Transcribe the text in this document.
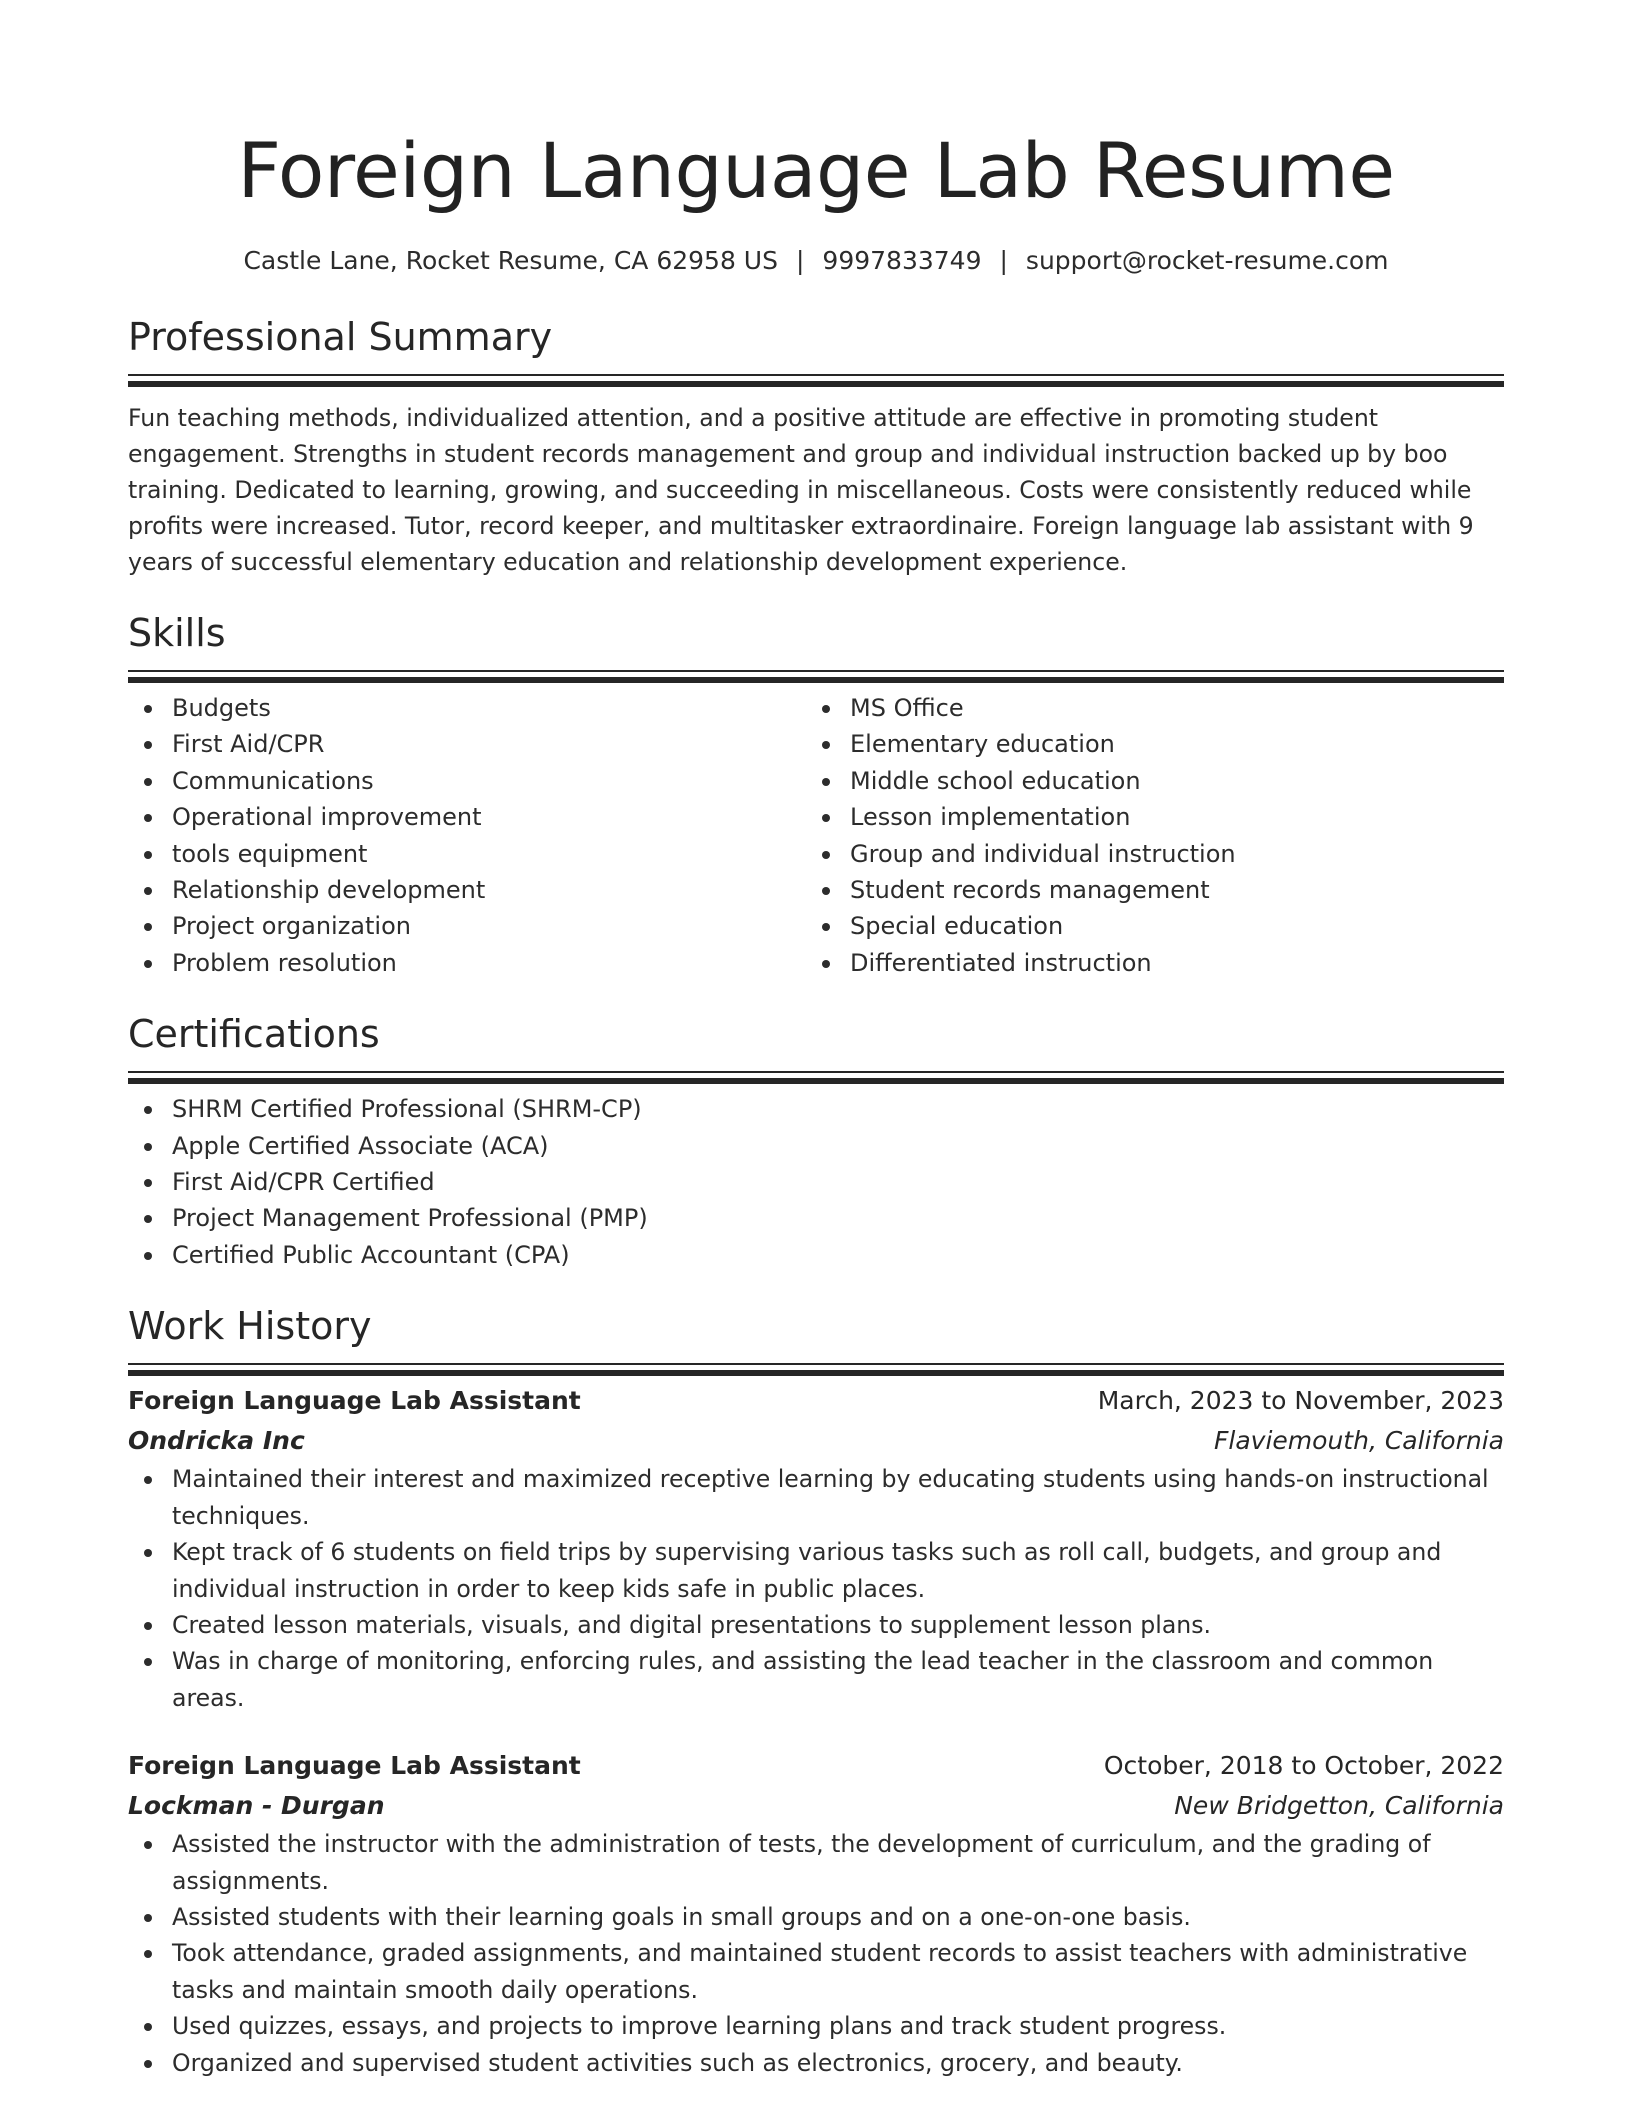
Foreign Language Lab Resume
Castle Lane, Rocket Resume, CA 62958 US | 9997833749 | support@rocket-resume.com
Professional Summary
Fun teaching methods, individualized attention, and a positive attitude are effective in promoting student engagement. Strengths in student records management and group and individual instruction backed up by boo training. Dedicated to learning, growing, and succeeding in miscellaneous. Costs were consistently reduced while profits were increased. Tutor, record keeper, and multitasker extraordinaire. Foreign language lab assistant with 9 years of successful elementary education and relationship development experience.
Skills
Budgets
First Aid/CPR
Communications
Operational improvement
tools equipment
Relationship development
Project organization
Problem resolution
MS Office
Elementary education
Middle school education
Lesson implementation
Group and individual instruction
Student records management
Special education
Differentiated instruction
Certifications
SHRM Certified Professional (SHRM-CP)
Apple Certified Associate (ACA)
First Aid/CPR Certified
Project Management Professional (PMP)
Certified Public Accountant (CPA)
Work History
Foreign Language Lab Assistant	March, 2023 to November, 2023
Ondricka Inc	Flaviemouth, California
Maintained their interest and maximized receptive learning by educating students using hands-on instructional techniques.
Kept track of 6 students on field trips by supervising various tasks such as roll call, budgets, and group and individual instruction in order to keep kids safe in public places.
Created lesson materials, visuals, and digital presentations to supplement lesson plans.
Was in charge of monitoring, enforcing rules, and assisting the lead teacher in the classroom and common areas.
Foreign Language Lab Assistant	October, 2018 to October, 2022
Lockman - Durgan	New Bridgetton, California
Assisted the instructor with the administration of tests, the development of curriculum, and the grading of assignments.
Assisted students with their learning goals in small groups and on a one-on-one basis.
Took attendance, graded assignments, and maintained student records to assist teachers with administrative tasks and maintain smooth daily operations.
Used quizzes, essays, and projects to improve learning plans and track student progress.
Organized and supervised student activities such as electronics, grocery, and beauty.
